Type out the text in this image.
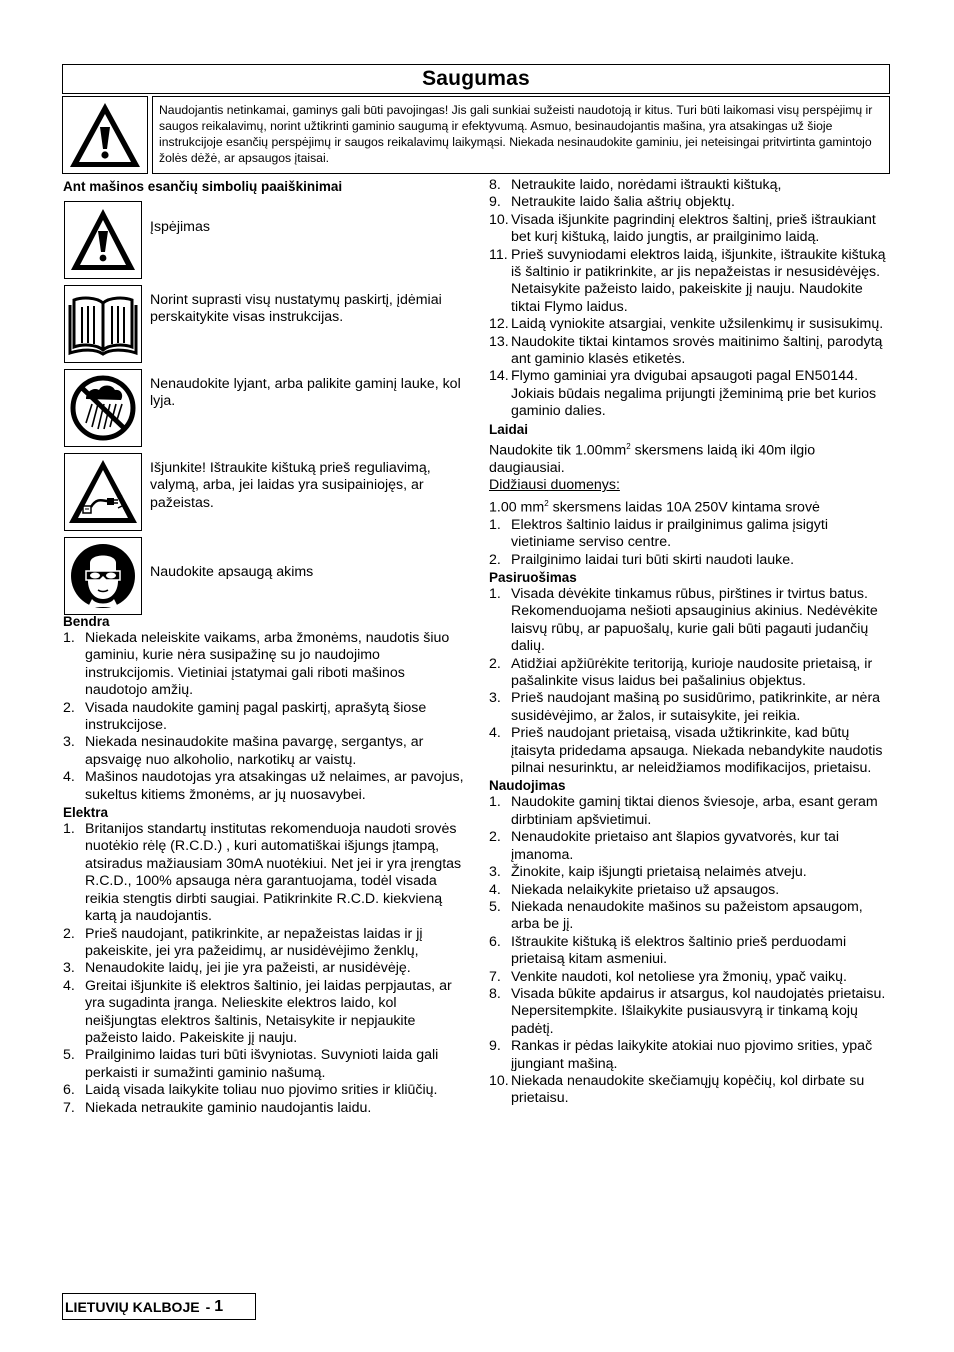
Saugumas
Naudojantis netinkamai, gaminys gali būti pavojingas! Jis gali sunkiai sužeisti naudotoją ir kitus. Turi būti laikomasi visų perspėjimų ir saugos reikalavimų, norint užtikrinti gaminio saugumą ir efektyvumą. Asmuo, besinaudojantis mašina, yra atsakingas už šioje instrukcijoje esančių perspėjimų ir saugos reikalavimų laikymąsi. Niekada nesinaudokite gaminiu, jei neteisingai pritvirtinta gamintojo žolės dėžė, ar apsaugos įtaisai.
Ant mašinos esančių simbolių paaiškinimai
Įspėjimas
Norint suprasti visų nustatymų paskirtį, įdėmiai perskaitykite visas instrukcijas.
Nenaudokite lyjant, arba palikite gaminį lauke, kol lyja.
Išjunkite! Ištraukite kištuką prieš reguliavimą, valymą, arba, jei laidas yra susipainiojęs, ar pažeistas.
Naudokite apsaugą akims
Bendra
1. Niekada neleiskite vaikams, arba žmonėms, naudotis šiuo gaminiu, kurie nėra susipažinę su jo naudojimo instrukcijomis. Vietiniai įstatymai gali riboti mašinos naudotojo amžių.
2. Visada naudokite gaminį pagal paskirtį, aprašytą šiose instrukcijose.
3. Niekada nesinaudokite mašina pavargę, sergantys, ar apsvaigę nuo alkoholio, narkotikų ar vaistų.
4. Mašinos naudotojas yra atsakingas už nelaimes, ar pavojus, sukeltus kitiems žmonėms, ar jų nuosavybei.
Elektra
1. Britanijos standartų institutas rekomenduoja naudoti srovės nuotėkio rėlę (R.C.D.) , kuri automatiškai išjungs įtampą, atsiradus mažiausiam 30mA nuotėkiui. Net jei ir yra įrengtas R.C.D., 100% apsauga nėra garantuojama, todėl visada reikia stengtis dirbti saugiai. Patikrinkite R.C.D. kiekvieną kartą ja naudojantis.
2. Prieš naudojant, patikrinkite, ar nepažeistas laidas ir jį pakeiskite, jei yra pažeidimų, ar nusidėvėjimo ženklų,
3. Nenaudokite laidų, jei jie yra pažeisti, ar nusidėvėję.
4. Greitai išjunkite iš elektros šaltinio, jei laidas perpjautas, ar yra sugadinta įranga. Nelieskite elektros laido, kol neišjungtas elektros šaltinis, Netaisykite ir nepjaukite pažeisto laido. Pakeiskite jį nauju.
5. Prailginimo laidas turi būti išvyniotas. Suvynioti laida gali perkaisti ir sumažinti gaminio našumą.
6. Laidą visada laikykite toliau nuo pjovimo srities ir kliūčių.
7. Niekada netraukite gaminio naudojantis laidu.
8. Netraukite laido, norėdami ištraukti kištuką,
9. Netraukite laido šalia aštrių objektų.
10. Visada išjunkite pagrindinį elektros šaltinį, prieš ištraukiant bet kurį kištuką, laido jungtis, ar prailginimo laidą.
11. Prieš suvyniodami elektros laidą, išjunkite, ištraukite kištuką iš šaltinio ir patikrinkite, ar jis nepažeistas ir nesusidėvėjęs. Netaisykite pažeisto laido, pakeiskite jį nauju. Naudokite tiktai Flymo laidus.
12. Laidą vyniokite atsargiai, venkite užsilenkimų ir susisukimų.
13. Naudokite tiktai kintamos srovės maitinimo šaltinį, parodytą ant gaminio klasės etiketės.
14. Flymo gaminiai yra dvigubai apsaugoti pagal EN50144. Jokiais būdais negalima prijungti įžeminimą prie bet kurios gaminio dalies.
Laidai
Naudokite tik $1.00mm^2$ skersmens laidą iki 40m ilgio daugiausiai.
Didžiausi duomenys:
1.00 $mm^2$ skersmens laidas 10A 250V kintama srovė
1. Elektros šaltinio laidus ir prailginimus galima įsigyti vietiniame serviso centre.
2. Prailginimo laidai turi būti skirti naudoti lauke.
Pasiruošimas
1. Visada dėvėkite tinkamus rūbus, pirštines ir tvirtus batus. Rekomenduojama nešioti apsauginius akinius. Nedėvėkite laisvų rūbų, ar papuošalų, kurie gali būti pagauti judančių dalių.
2. Atidžiai apžiūrėkite teritoriją, kurioje naudosite prietaisą, ir pašalinkite visus laidus bei pašalinius objektus.
3. Prieš naudojant mašiną po susidūrimo, patikrinkite, ar nėra susidėvėjimo, ar žalos, ir sutaisykite, jei reikia.
4. Prieš naudojant prietaisą, visada užtikrinkite, kad būtų įtaisyta pridedama apsauga. Niekada nebandykite naudotis pilnai nesurinktu, ar neleidžiamos modifikacijos, prietaisu.
Naudojimas
1. Naudokite gaminį tiktai dienos šviesoje, arba, esant geram dirbtiniam apšvietimui.
2. Nenaudokite prietaiso ant šlapios gyvatvorės, kur tai įmanoma.
3. Žinokite, kaip išjungti prietaisą nelaimės atveju.
4. Niekada nelaikykite prietaiso už apsaugos.
5. Niekada nenaudokite mašinos su pažeistom apsaugom, arba be jį.
6. Ištraukite kištuką iš elektros šaltinio prieš perduodami prietaisą kitam asmeniui.
7. Venkite naudoti, kol netoliese yra žmonių, ypač vaikų.
8. Visada būkite apdairus ir atsargus, kol naudojatės prietaisu. Nepersitempkite. Išlaikykite pusiausvyrą ir tinkamą kojų padėtį.
9. Rankas ir pėdas laikykite atokiai nuo pjovimo srities, ypač įjungiant mašiną.
10. Niekada nenaudokite skečiamųjų kopėčių, kol dirbate su prietaisu.
LIETUVIŲ KALBOJE - 1
